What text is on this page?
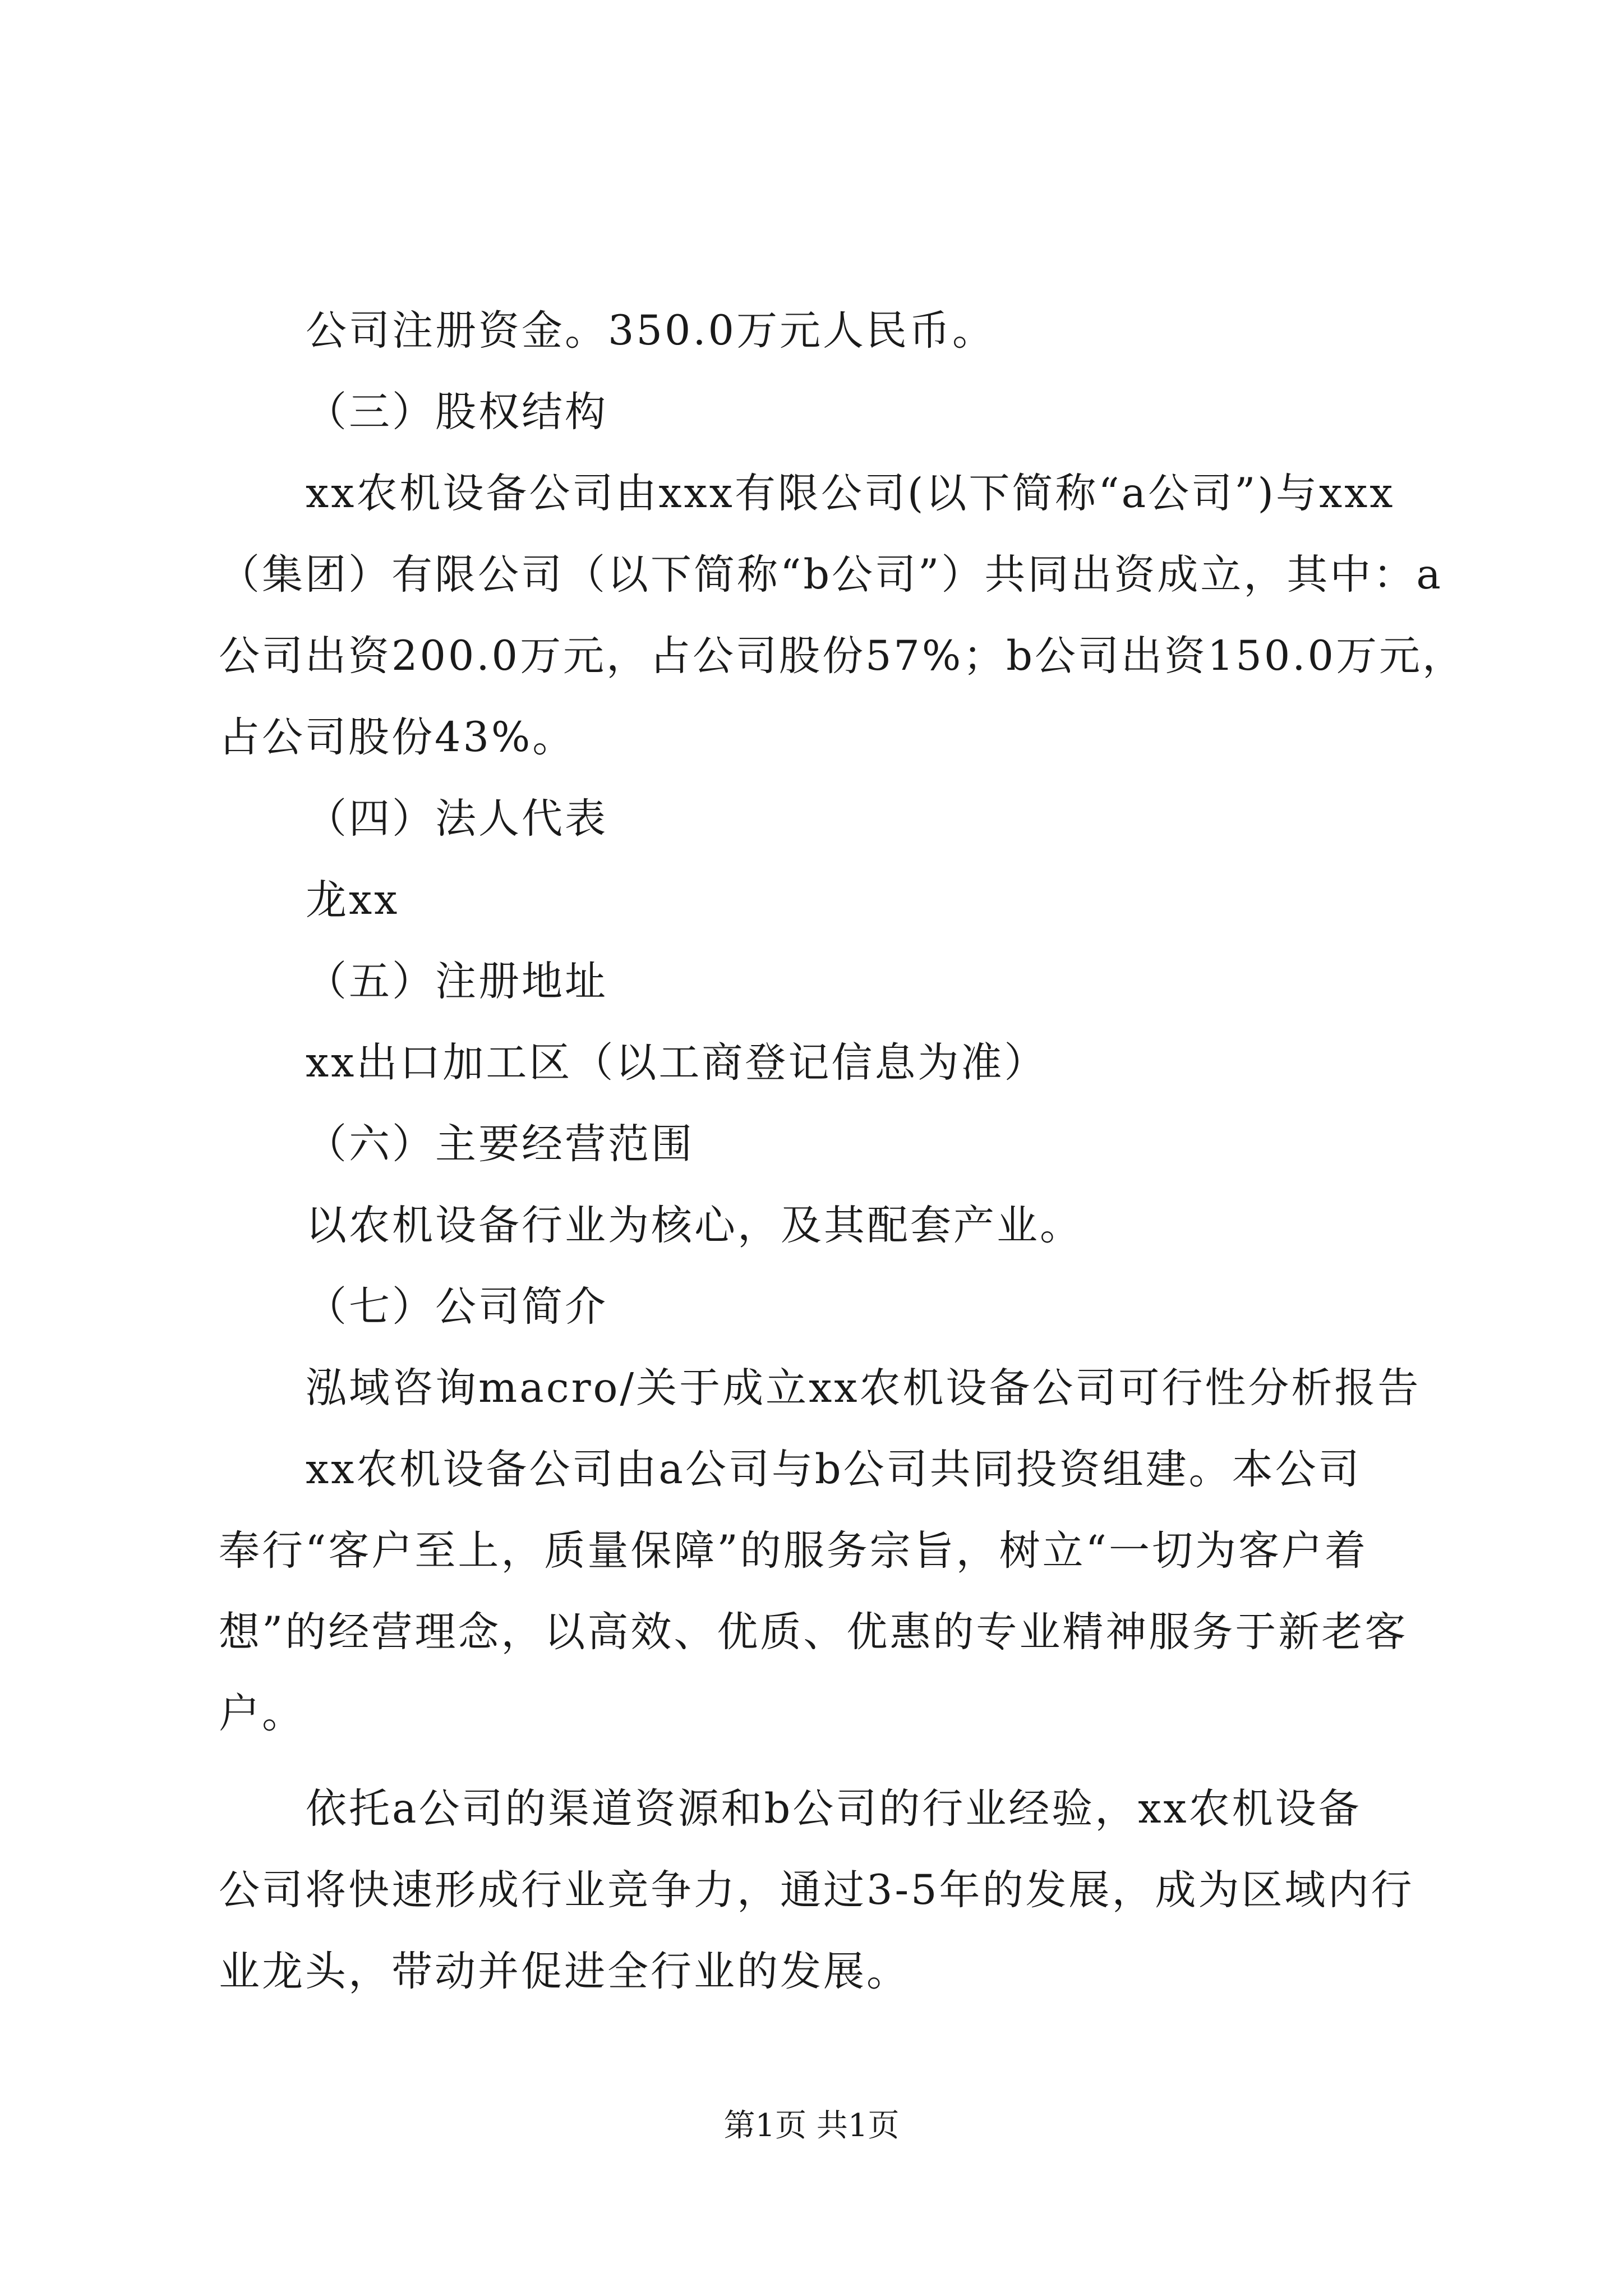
公司注册资金。350.0万元人民币。
（三）股权结构
xx农机设备公司由xxx有限公司(以下简称“a公司”)与xxx
（集团）有限公司（以下简称“b公司”）共同出资成立，其中：a
公司出资200.0万元，占公司股份57%；b公司出资150.0万元，
占公司股份43%。
（四）法人代表
龙xx
（五）注册地址
xx出口加工区（以工商登记信息为准）
（六）主要经营范围
以农机设备行业为核心，及其配套产业。
（七）公司简介
泓域咨询macro/关于成立xx农机设备公司可行性分析报告
xx农机设备公司由a公司与b公司共同投资组建。本公司
奉行“客户至上，质量保障”的服务宗旨，树立“一切为客户着
想”的经营理念，以高效、优质、优惠的专业精神服务于新老客
户。
依托a公司的渠道资源和b公司的行业经验，xx农机设备
公司将快速形成行业竞争力，通过3-5年的发展，成为区域内行
业龙头，带动并促进全行业的发展。
第1页 共1页
